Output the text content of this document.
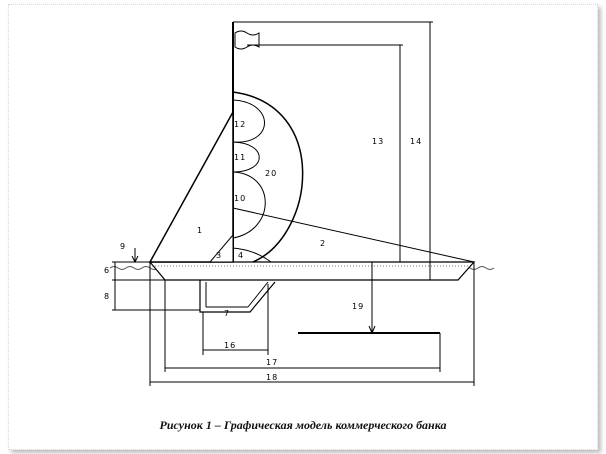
1
2
3 4
10
11
12
20
13	14
19
9
6
8
7
16
17
18
Рисунок 1 – Графическая модель коммерческого банка
